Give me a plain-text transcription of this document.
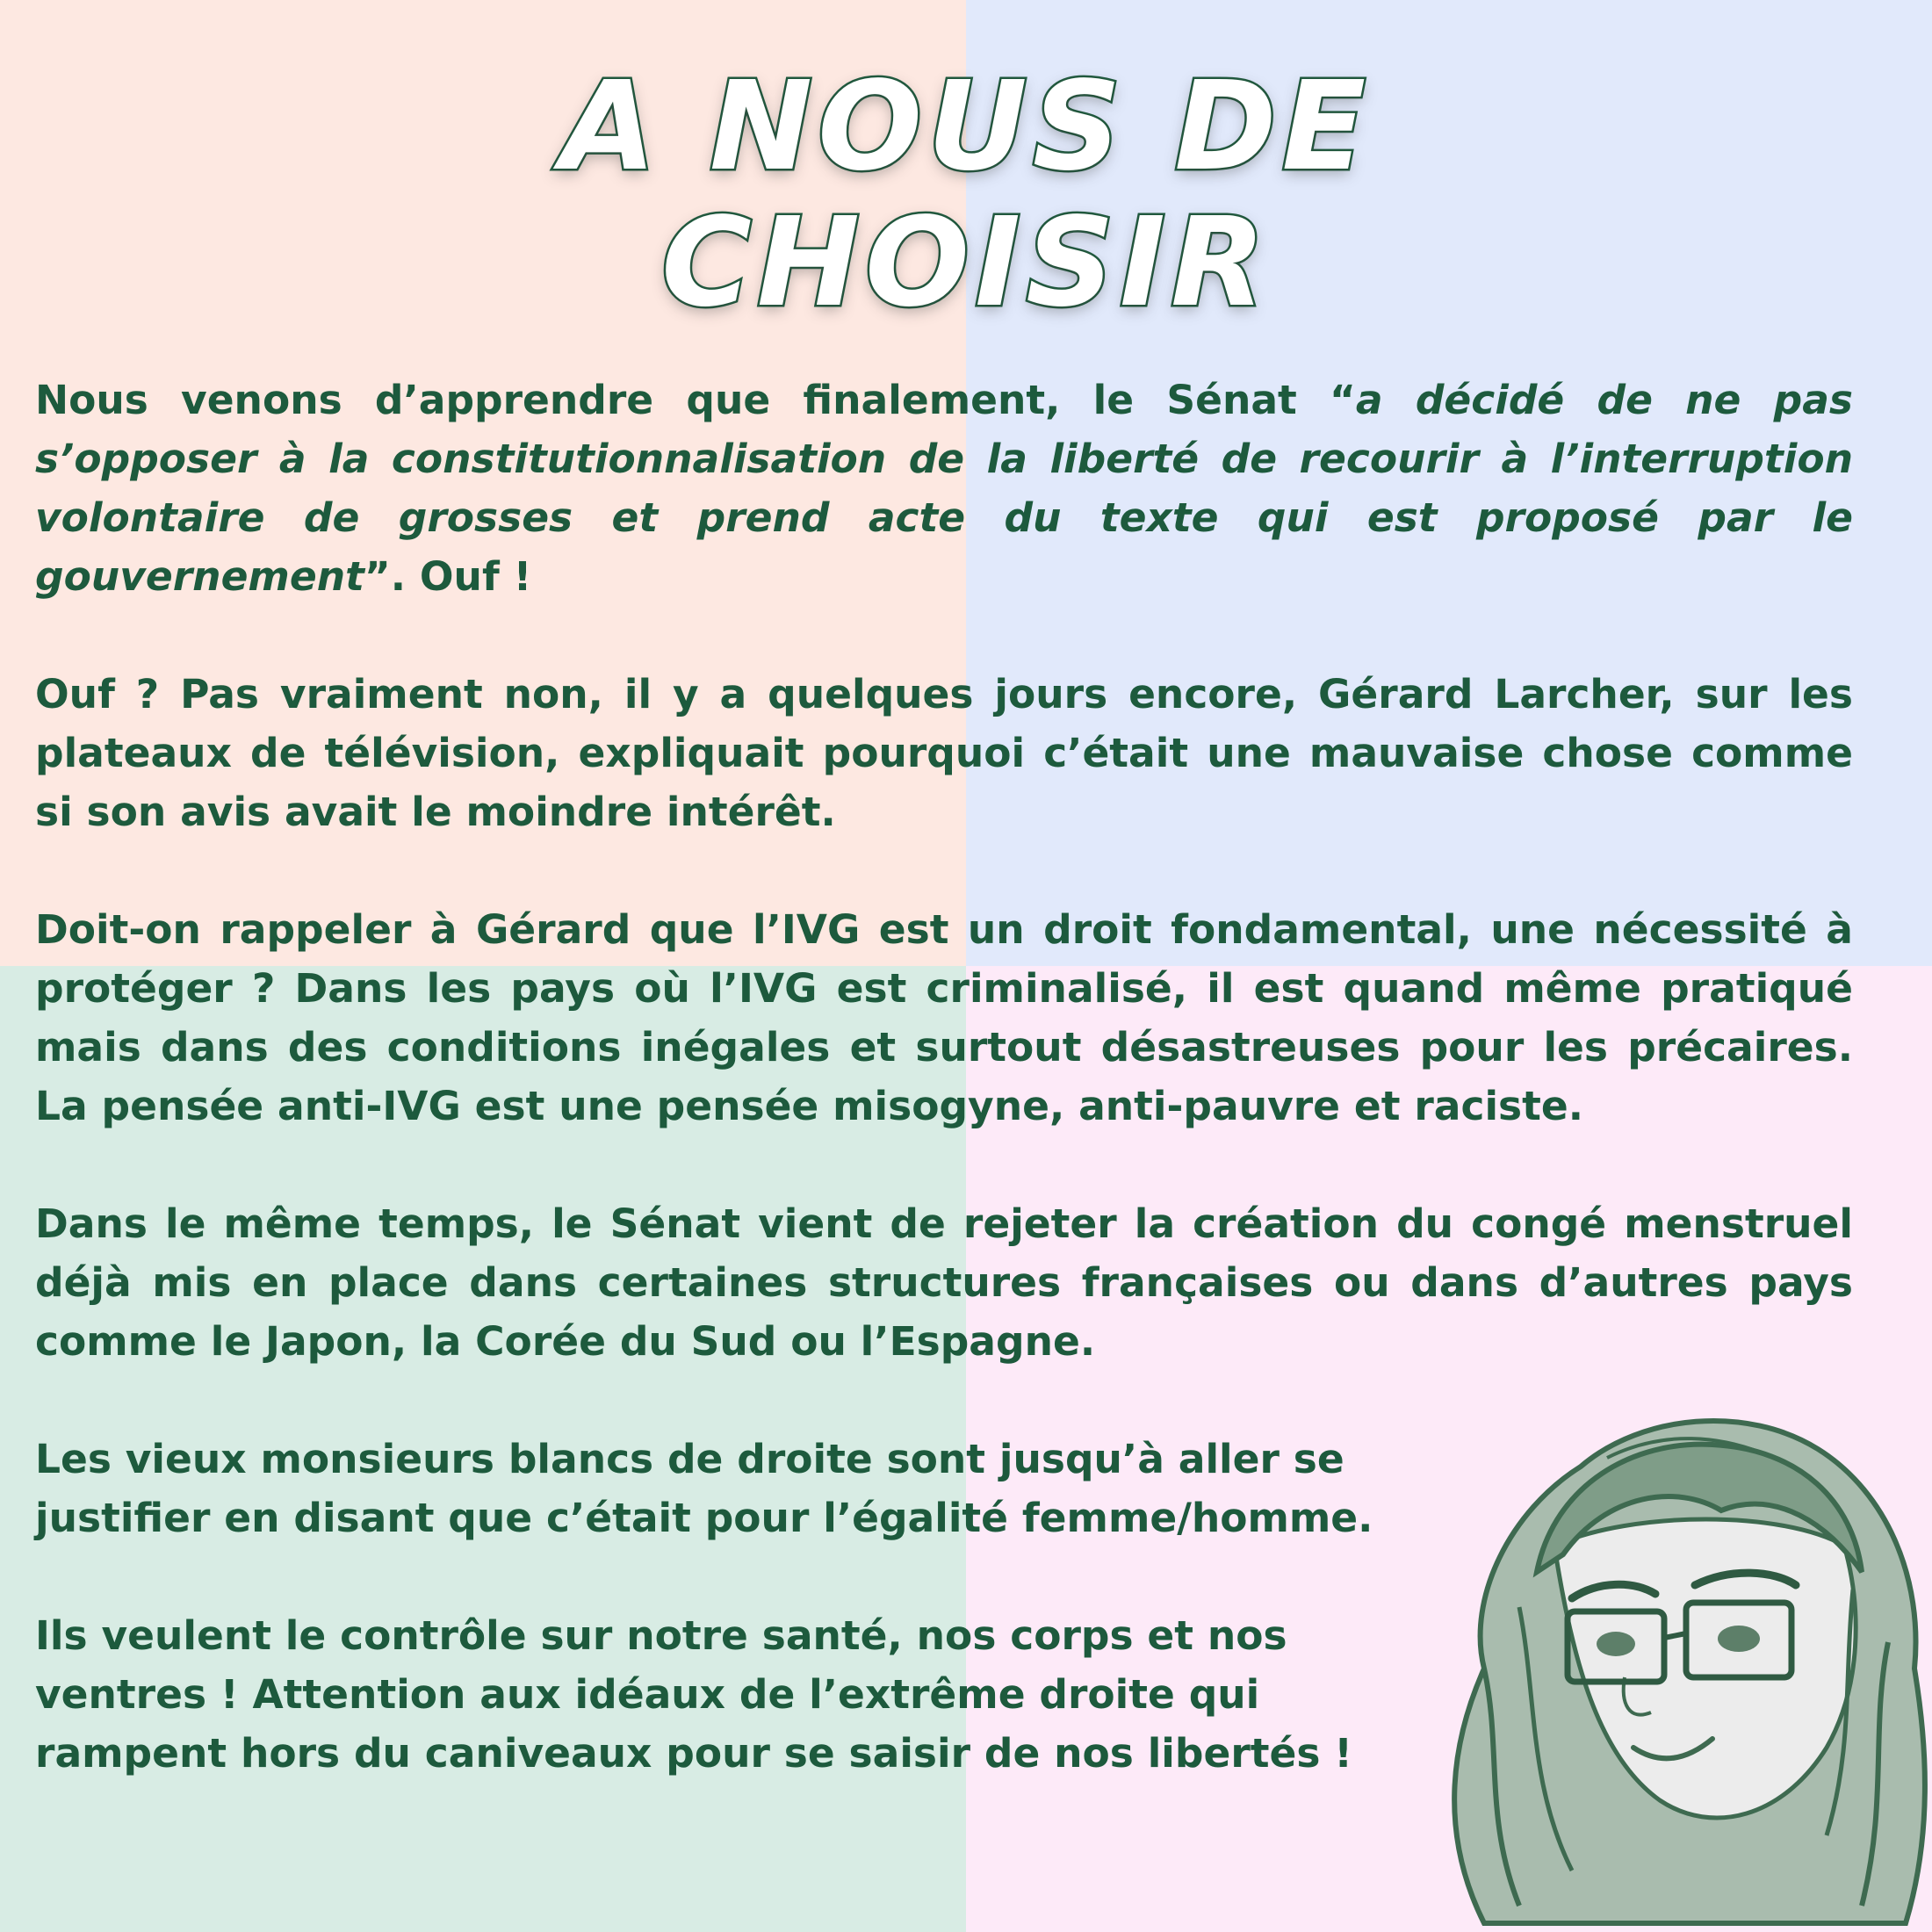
A NOUS DE
CHOISIR

Nous venons d’apprendre que finalement, le Sénat “a décidé de ne pas s’opposer à la constitutionnalisation de la liberté de recourir à l’interruption volontaire de grosses et prend acte du texte qui est proposé par le gouvernement”. Ouf !

Ouf ? Pas vraiment non, il y a quelques jours encore, Gérard Larcher, sur les plateaux de télévision, expliquait pourquoi c’était une mauvaise chose comme si son avis avait le moindre intérêt.

Doit-on rappeler à Gérard que l’IVG est un droit fondamental, une nécessité à protéger ? Dans les pays où l’IVG est criminalisé, il est quand même pratiqué mais dans des conditions inégales et surtout désastreuses pour les précaires. La pensée anti-IVG est une pensée misogyne, anti-pauvre et raciste.

Dans le même temps, le Sénat vient de rejeter la création du congé menstruel déjà mis en place dans certaines structures françaises ou dans d’autres pays comme le Japon, la Corée du Sud ou l’Espagne.

Les vieux monsieurs blancs de droite sont jusqu’à aller se
justifier en disant que c’était pour l’égalité femme/homme.

Ils veulent le contrôle sur notre santé, nos corps et nos
ventres ! Attention aux idéaux de l’extrême droite qui
rampent hors du caniveaux pour se saisir de nos libertés !
